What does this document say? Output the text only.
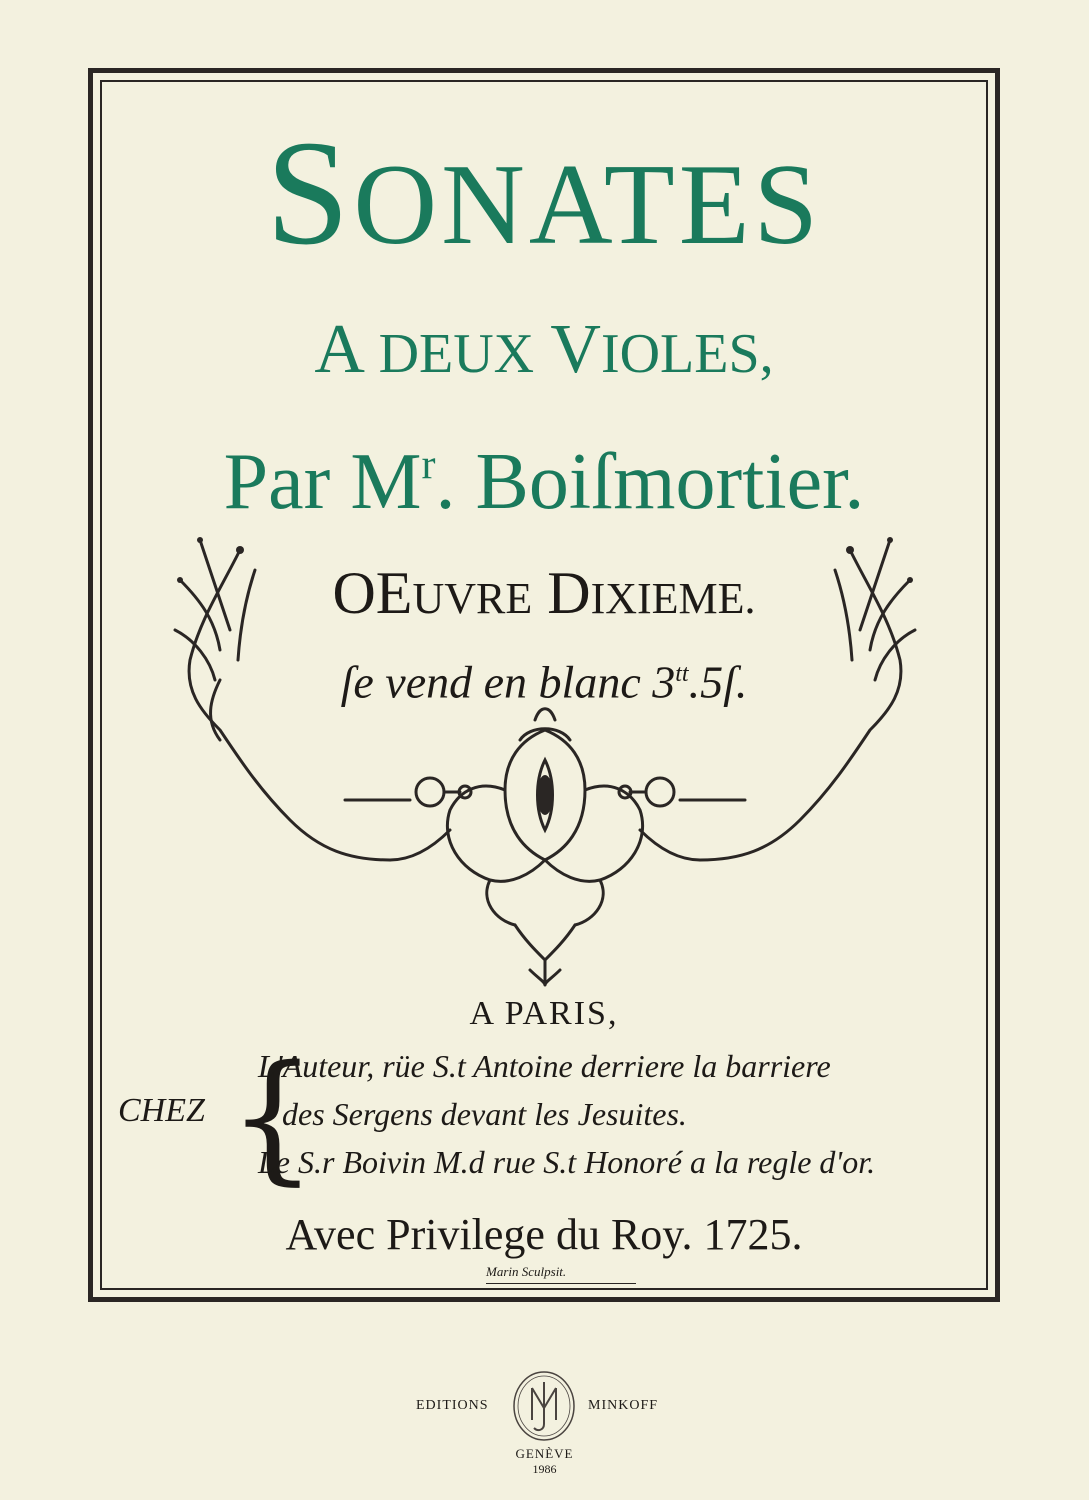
SONATES

A DEUX VIOLES,

Par $M^r$. Boiſmortier.

OEUVRE DIXIEME.

ſe vend en blanc $3^{tt}.5ſ$.

A PARIS,

CHEZ {
L'Auteur, rüe S.t Antoine derriere la barriere
des Sergens devant les Jesuites.
Le S.r Boivin M.d rue S.t Honoré a la regle d'or.

Avec Privilege du Roy. 1725.

Marin Sculpsit.
EDITIONS	MINKOFF
GENÈVE
1986
